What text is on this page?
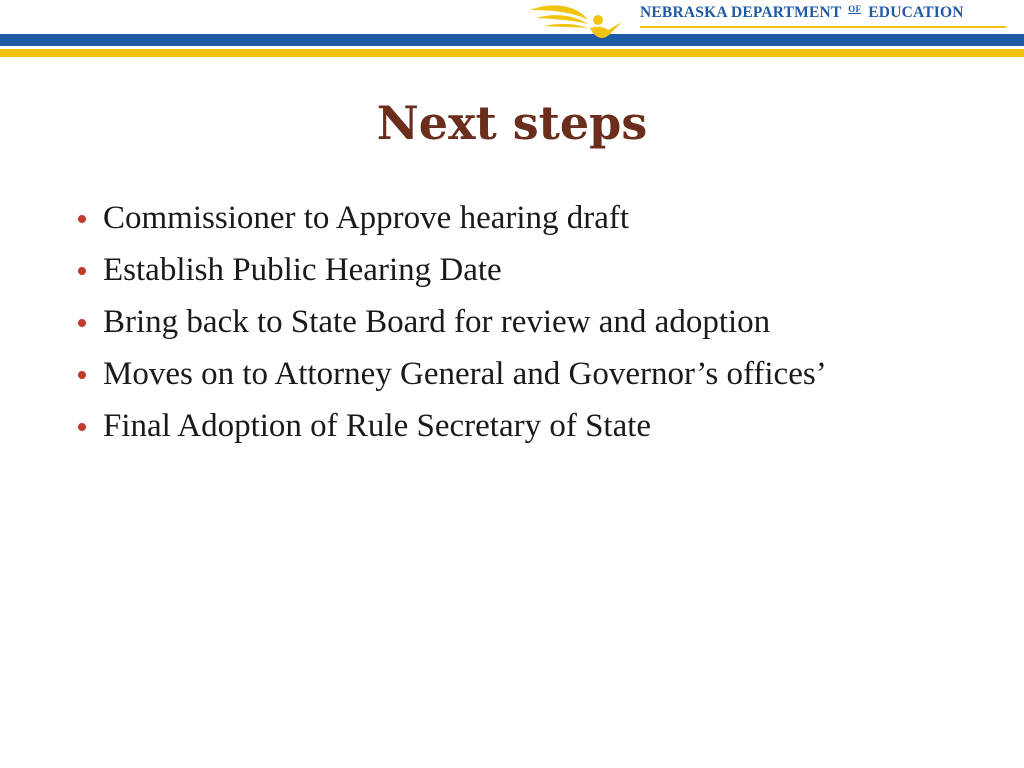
NEBRASKA DEPARTMENT $^{OF}$ EDUCATION
Next steps
Commissioner to Approve hearing draft
Establish Public Hearing Date
Bring back to State Board for review and adoption
Moves on to Attorney General and Governor’s offices’
Final Adoption of Rule Secretary of State
